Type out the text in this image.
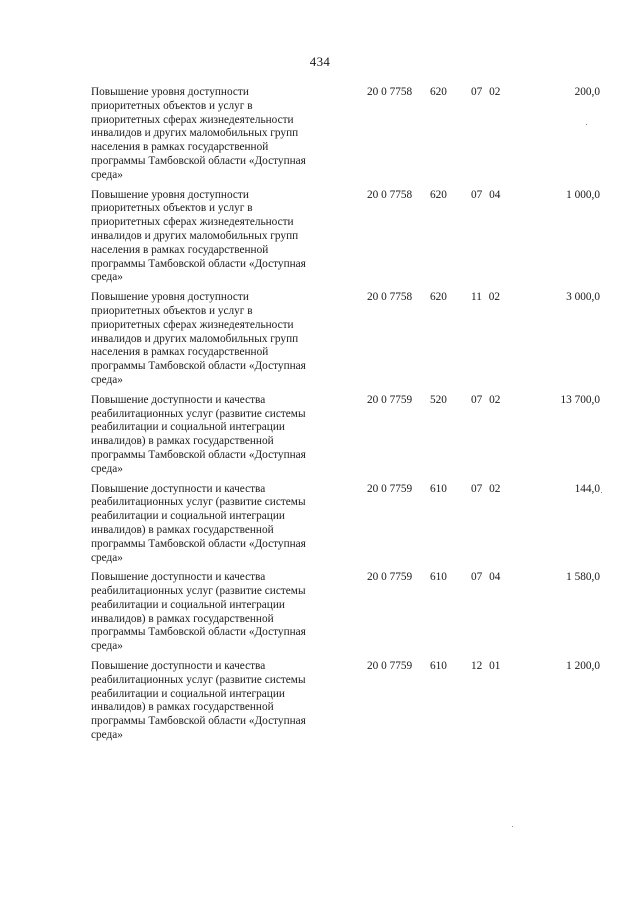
434
Повышение уровня доступности
приоритетных объектов и услуг в
приоритетных сферах жизнедеятельности
инвалидов и других маломобильных групп
населения в рамках государственной
программы Тамбовской области «Доступная
среда»
20 0 7758 620 07 02	200,0
Повышение уровня доступности
приоритетных объектов и услуг в
приоритетных сферах жизнедеятельности
инвалидов и других маломобильных групп
населения в рамках государственной
программы Тамбовской области «Доступная
среда»
20 0 7758 620 07 04	1 000,0
Повышение уровня доступности
приоритетных объектов и услуг в
приоритетных сферах жизнедеятельности
инвалидов и других маломобильных групп
населения в рамках государственной
программы Тамбовской области «Доступная
среда»
20 0 7758 620 11 02	3 000,0
Повышение доступности и качества
реабилитационных услуг (развитие системы
реабилитации и социальной интеграции
инвалидов) в рамках государственной
программы Тамбовской области «Доступная
среда»
20 0 7759 520 07 02	13 700,0
Повышение доступности и качества
реабилитационных услуг (развитие системы
реабилитации и социальной интеграции
инвалидов) в рамках государственной
программы Тамбовской области «Доступная
среда»
20 0 7759 610 07 02	144,0
Повышение доступности и качества
реабилитационных услуг (развитие системы
реабилитации и социальной интеграции
инвалидов) в рамках государственной
программы Тамбовской области «Доступная
среда»
20 0 7759 610 07 04	1 580,0
Повышение доступности и качества
реабилитационных услуг (развитие системы
реабилитации и социальной интеграции
инвалидов) в рамках государственной
программы Тамбовской области «Доступная
среда»
20 0 7759 610 12 01	1 200,0
